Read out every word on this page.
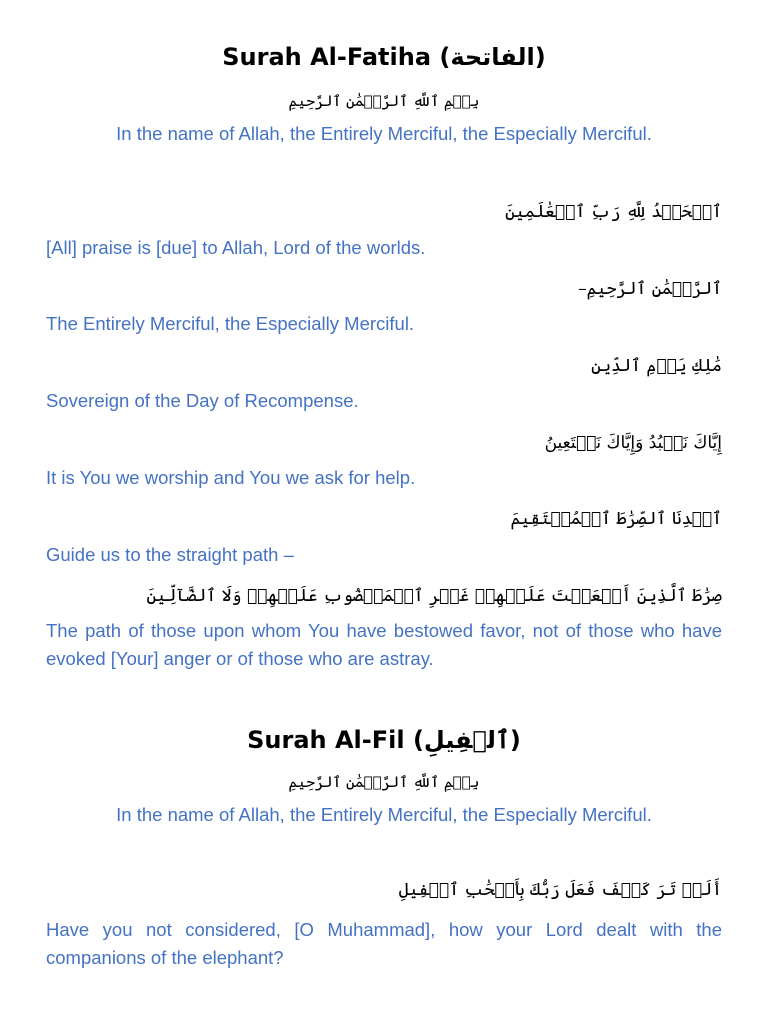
Surah Al-Fatiha (الفاتحة)
بِسۡمِ ٱللَّهِ ٱلرَّحۡمَٰنِ ٱلرَّحِيمِ
In the name of Allah, the Entirely Merciful, the Especially Merciful.
ٱلۡحَمۡدُ لِلَّهِ رَبِّ ٱلۡعَٰلَمِينَ
[All] praise is [due] to Allah, Lord of the worlds.
ٱلرَّحۡمَٰنِ ٱلرَّحِيمِ–
The Entirely Merciful, the Especially Merciful.
مَٰلِكِ يَوۡمِ ٱلدِّينِ
Sovereign of the Day of Recompense.
إِيَّاكَ نَعۡبُدُ وَإِيَّاكَ نَسۡتَعِينُ
It is You we worship and You we ask for help.
ٱهۡدِنَا ٱلصِّرَٰطَ ٱلۡمُسۡتَقِيمَ
Guide us to the straight path –
صِرَٰطَ ٱلَّذِينَ أَنۡعَمۡتَ عَلَيۡهِمۡ غَيۡرِ ٱلۡمَغۡضُوبِ عَلَيۡهِمۡ وَلَا ٱلضَّآلِّينَ
The path of those upon whom You have bestowed favor, not of those who have evoked [Your] anger or of those who are astray.
Surah Al-Fil (ٱلۡفِيلِ)
بِسۡمِ ٱللَّهِ ٱلرَّحۡمَٰنِ ٱلرَّحِيمِ
In the name of Allah, the Entirely Merciful, the Especially Merciful.
أَلَمۡ تَرَ كَيۡفَ فَعَلَ رَبُّكَ بِأَصۡحَٰبِ ٱلۡفِيلِ
Have you not considered, [O Muhammad], how your Lord dealt with the companions of the elephant?
